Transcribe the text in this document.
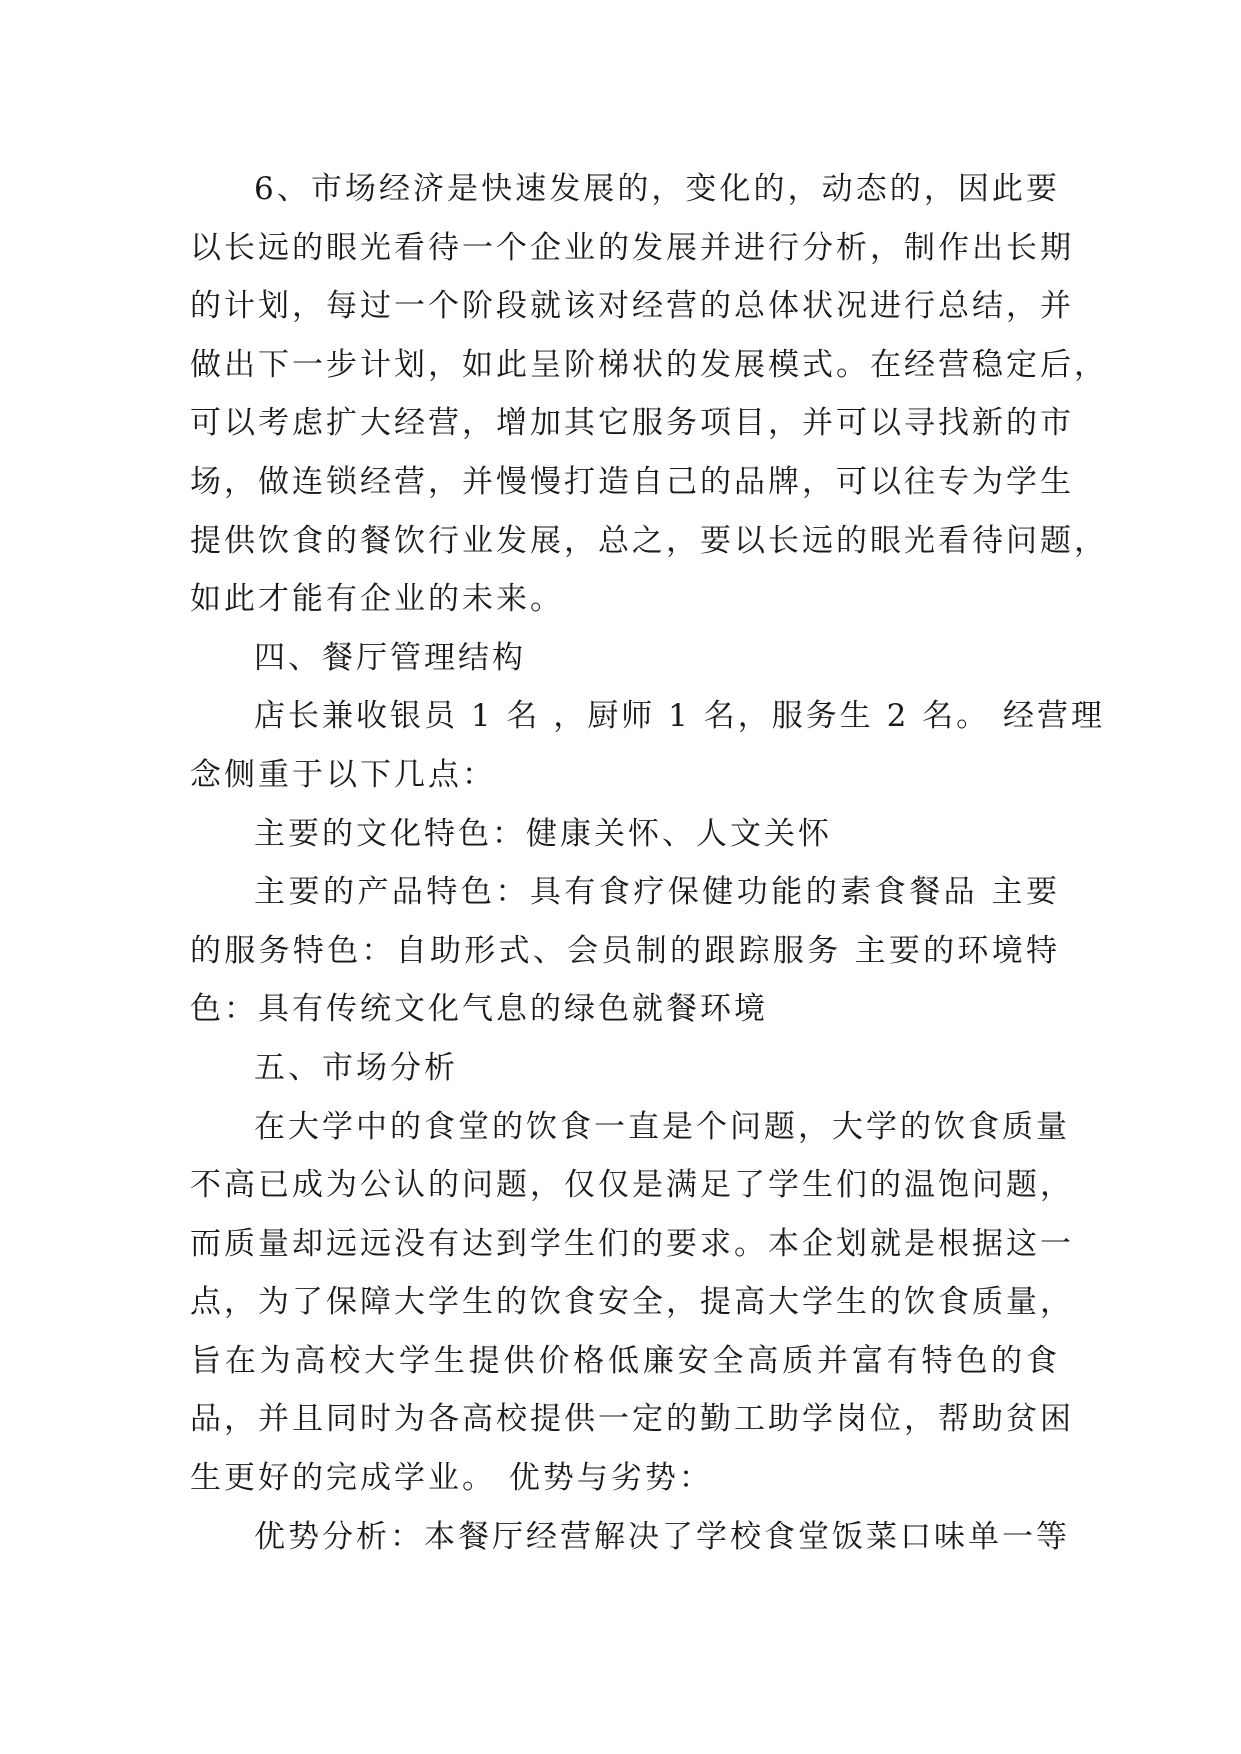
6、市场经济是快速发展的，变化的，动态的，因此要
以长远的眼光看待一个企业的发展并进行分析，制作出长期
的计划，每过一个阶段就该对经营的总体状况进行总结，并
做出下一步计划，如此呈阶梯状的发展模式。在经营稳定后，
可以考虑扩大经营，增加其它服务项目，并可以寻找新的市
场，做连锁经营，并慢慢打造自己的品牌，可以往专为学生
提供饮食的餐饮行业发展，总之，要以长远的眼光看待问题，
如此才能有企业的未来。
四、餐厅管理结构
店长兼收银员 1 名 ，厨师 1 名，服务生 2 名。 经营理
念侧重于以下几点：
主要的文化特色：健康关怀、人文关怀
主要的产品特色：具有食疗保健功能的素食餐品 主要
的服务特色：自助形式、会员制的跟踪服务 主要的环境特
色：具有传统文化气息的绿色就餐环境
五、市场分析
在大学中的食堂的饮食一直是个问题，大学的饮食质量
不高已成为公认的问题，仅仅是满足了学生们的温饱问题，
而质量却远远没有达到学生们的要求。本企划就是根据这一
点，为了保障大学生的饮食安全，提高大学生的饮食质量，
旨在为高校大学生提供价格低廉安全高质并富有特色的食
品，并且同时为各高校提供一定的勤工助学岗位，帮助贫困
生更好的完成学业。 优势与劣势：
优势分析：本餐厅经营解决了学校食堂饭菜口味单一等
